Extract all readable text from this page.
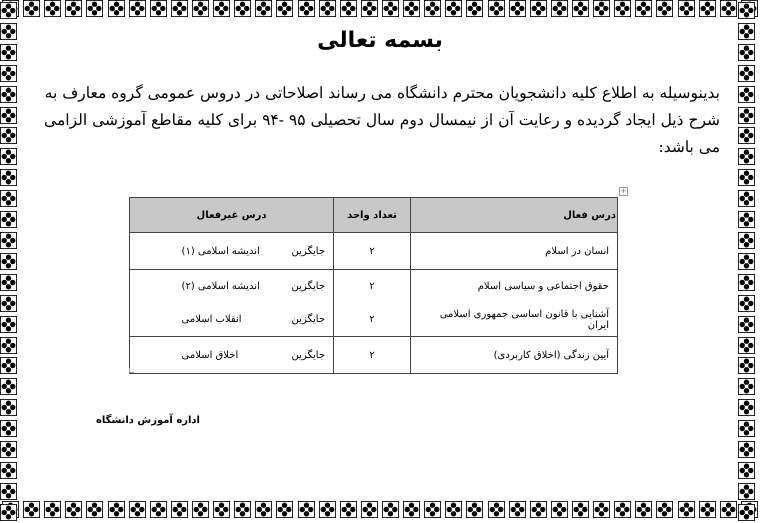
بسمه تعالی
بدینوسیله به اطلاع کلیه دانشجویان محترم دانشگاه می رساند اصلاحاتی در دروس عمومی گروه معارف به شرح ذیل ایجاد گردیده و رعایت آن از نیمسال دوم سال تحصیلی ۹۵ -۹۴ برای کلیه مقاطع آموزشی الزامی می باشد:
+
درس فعال	تعداد واحد	درس غیرفعال
انسان در اسلام	۲	جایگزیناندیشه اسلامی (۱)
حقوق اجتماعی و سیاسی اسلام	۲	جایگزیناندیشه اسلامی (۲)
آشنایی با قانون اساسی جمهوری اسلامی ایران	۲	جایگزینانقلاب اسلامی
آیین زندگی (اخلاق کاربردی)	۲	جایگزیناخلاق اسلامی
اداره آموزش دانشگاه
